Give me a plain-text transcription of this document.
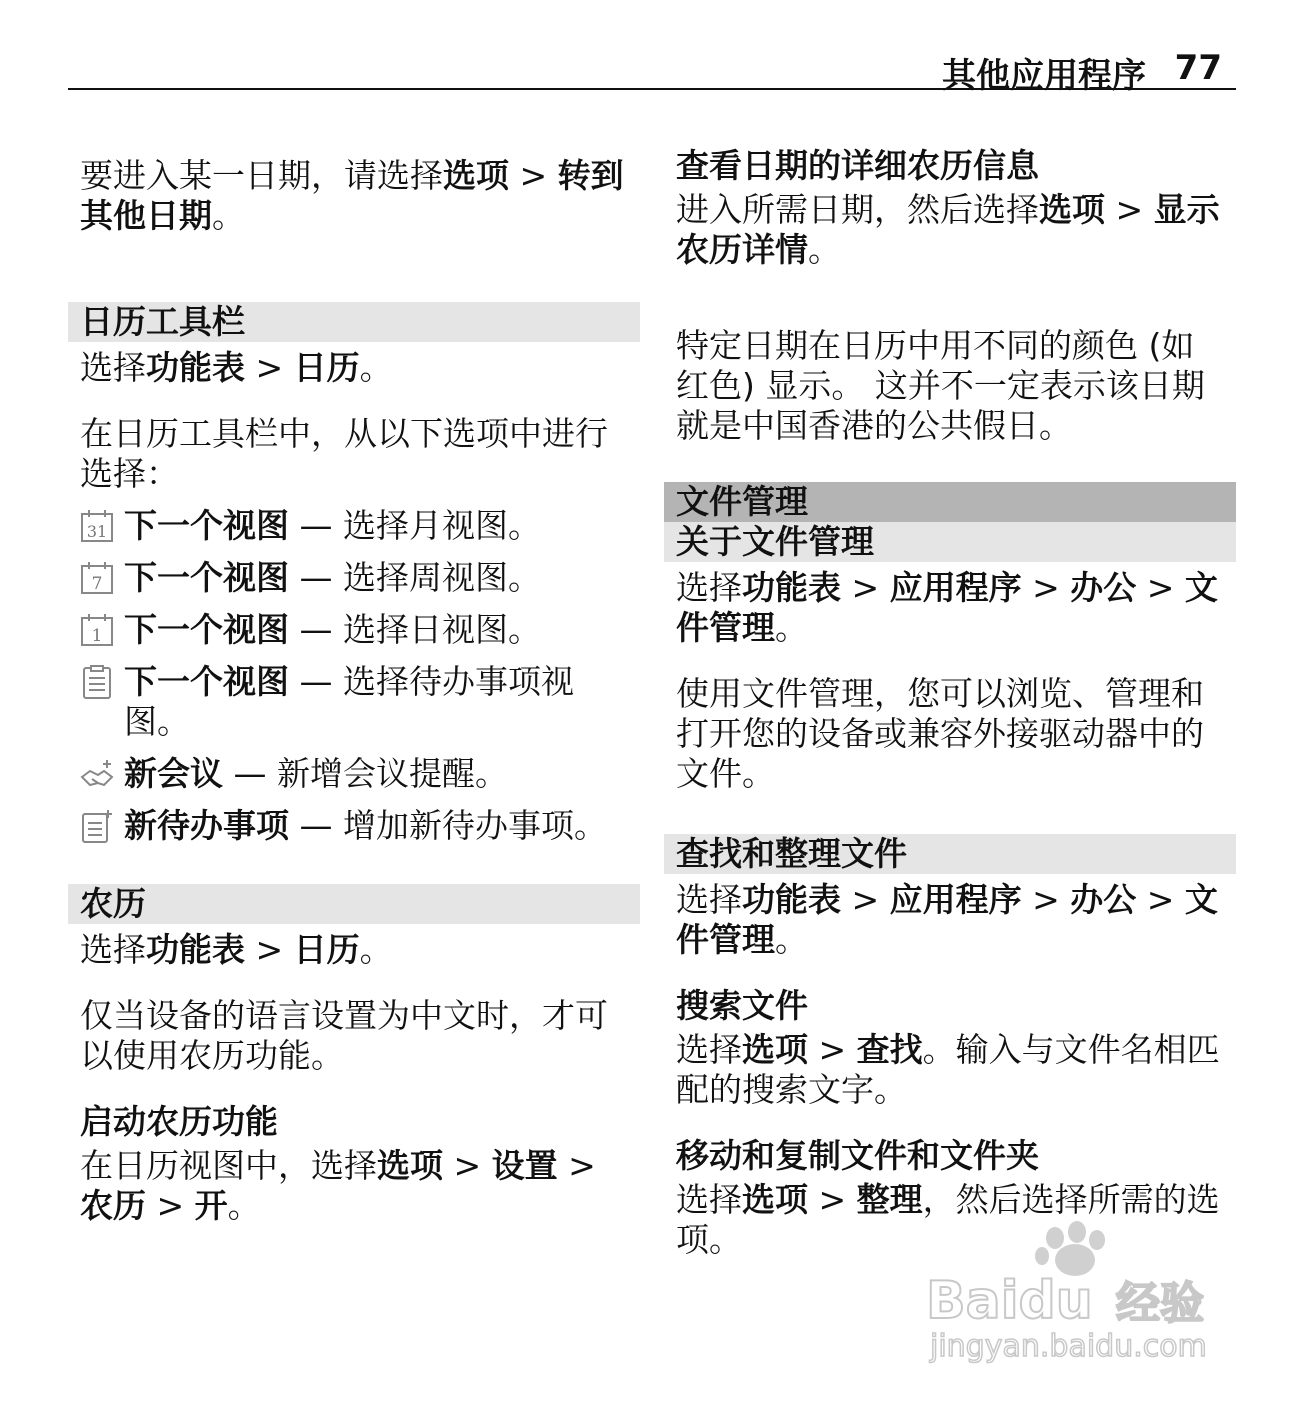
其他应用程序 77

要进入某一日期，请选择选项 > 转到其他日期。

日历工具栏

选择功能表 > 日历。

在日历工具栏中，从以下选项中进行选择：

31 下一个视图 — 选择月视图。
7 下一个视图 — 选择周视图。
1 下一个视图 — 选择日视图。
下一个视图 — 选择待办事项视图。
新会议 — 新增会议提醒。
新待办事项 — 增加新待办事项。
农历

选择功能表 > 日历。

仅当设备的语言设置为中文时，才可以使用农历功能。

启动农历功能

在日历视图中，选择选项 > 设置 > 农历 > 开。

查看日期的详细农历信息

进入所需日期，然后选择选项 > 显示农历详情。

特定日期在日历中用不同的颜色 (如红色) 显示。 这并不一定表示该日期就是中国香港的公共假日。

文件管理
关于文件管理

选择功能表 > 应用程序 > 办公 > 文件管理。

使用文件管理，您可以浏览、管理和打开您的设备或兼容外接驱动器中的文件。

查找和整理文件

选择功能表 > 应用程序 > 办公 > 文件管理。

搜索文件

选择选项 > 查找。输入与文件名相匹配的搜索文字。

移动和复制文件和文件夹

选择选项 > 整理，然后选择所需的选项。

Baidu 经验
jingyan.baidu.com
